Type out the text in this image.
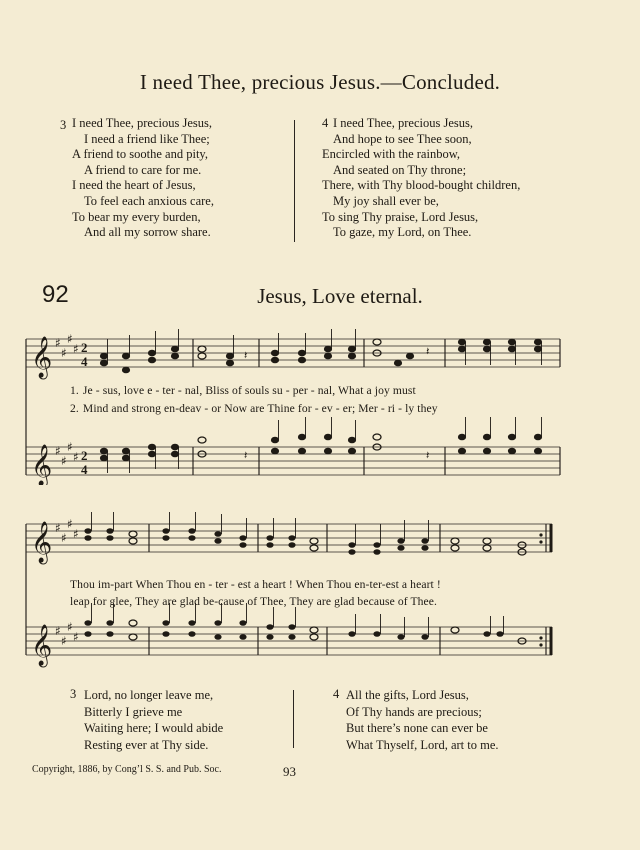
I need Thee, precious Jesus.—Concluded.
3 I need Thee, precious Jesus,
I need a friend like Thee;
A friend to soothe and pity,
A friend to care for me.
I need the heart of Jesus,
To feel each anxious care,
To bear my every burden,
And all my sorrow share.
4 I need Thee, precious Jesus,
And hope to see Thee soon,
Encircled with the rainbow,
And seated on Thy throne;
There, with Thy blood-bought children,
My joy shall ever be,
To sing Thy praise, Lord Jesus,
To gaze, my Lord, on Thee.
92	Jesus, Love eternal.
𝄞
𝄞
♯
♯
♯
♯
♯
♯
♯
♯
2
4
2
4
𝄽	𝄽
𝄽	𝄽
1. Je - sus, love e - ter - nal, Bliss of souls su - per - nal, What a joy must
2. Mind and strong en-deav - or Now are Thine for - ev - er; Mer - ri - ly they
𝄞
𝄞
♯
♯
♯
♯
♯
♯
♯
♯
Thou im-part When Thou en - ter - est a heart ! When Thou en-ter-est a heart !
leap for glee, They are glad be-cause of Thee, They are glad because of Thee.
3 Lord, no longer leave me,
Bitterly I grieve me
Waiting here; I would abide
Resting ever at Thy side.
4 All the gifts, Lord Jesus,
Of Thy hands are precious;
But there’s none can ever be
What Thyself, Lord, art to me.
Copyright, 1886, by Cong’l S. S. and Pub. Soc.	93
